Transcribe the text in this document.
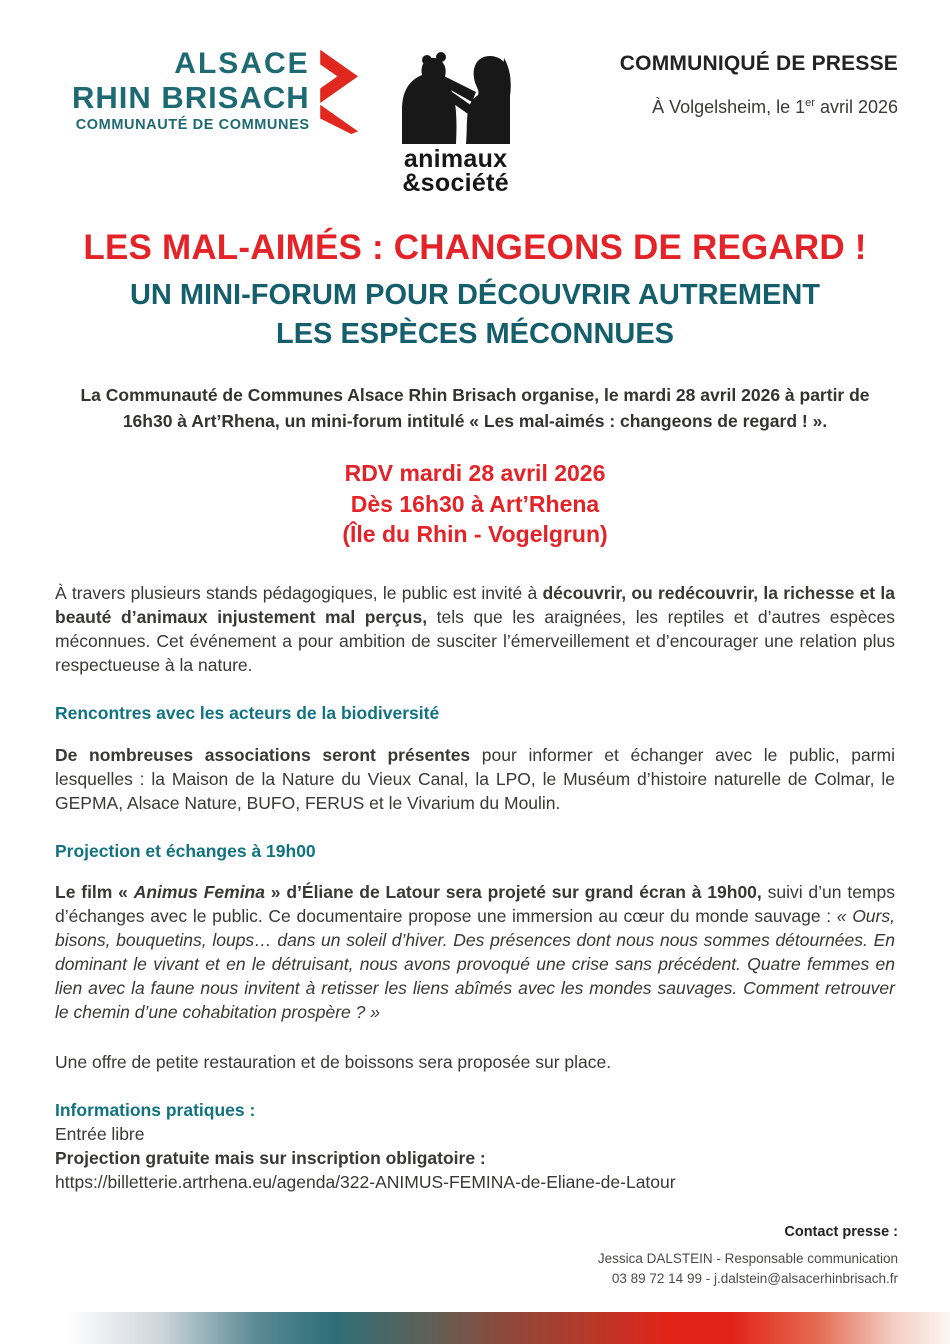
ALSACE
RHIN BRISACH
COMMUNAUTÉ DE COMMUNES
animaux
&société
COMMUNIQUÉ DE PRESSE
À Volgelsheim, le 1er avril 2026
LES MAL-AIMÉS : CHANGEONS DE REGARD !
UN MINI-FORUM POUR DÉCOUVRIR AUTREMENT
LES ESPÈCES MÉCONNUES
La Communauté de Communes Alsace Rhin Brisach organise, le mardi 28 avril 2026 à partir de 16h30 à Art’Rhena, un mini-forum intitulé « Les mal-aimés : changeons de regard ! ».
RDV mardi 28 avril 2026
Dès 16h30 à Art’Rhena
(Île du Rhin - Vogelgrun)

À travers plusieurs stands pédagogiques, le public est invité à découvrir, ou redécouvrir, la richesse et la beauté d’animaux injustement mal perçus, tels que les araignées, les reptiles et d’autres espèces méconnues. Cet événement a pour ambition de susciter l’émerveillement et d’encourager une relation plus respectueuse à la nature.

Rencontres avec les acteurs de la biodiversité

De nombreuses associations seront présentes pour informer et échanger avec le public, parmi lesquelles : la Maison de la Nature du Vieux Canal, la LPO, le Muséum d’histoire naturelle de Colmar, le GEPMA, Alsace Nature, BUFO, FERUS et le Vivarium du Moulin.

Projection et échanges à 19h00

Le film « Animus Femina » d’Éliane de Latour sera projeté sur grand écran à 19h00, suivi d’un temps d’échanges avec le public. Ce documentaire propose une immersion au cœur du monde sauvage : « Ours, bisons, bouquetins, loups… dans un soleil d’hiver. Des présences dont nous nous sommes détournées. En dominant le vivant et en le détruisant, nous avons provoqué une crise sans précédent. Quatre femmes en lien avec la faune nous invitent à retisser les liens abîmés avec les mondes sauvages. Comment retrouver le chemin d’une cohabitation prospère ? »

Une offre de petite restauration et de boissons sera proposée sur place.

Informations pratiques :
Entrée libre
Projection gratuite mais sur inscription obligatoire :
https://billetterie.artrhena.eu/agenda/322-ANIMUS-FEMINA-de-Eliane-de-Latour
Contact presse :
Jessica DALSTEIN - Responsable communication
03 89 72 14 99 - j.dalstein@alsacerhinbrisach.fr
